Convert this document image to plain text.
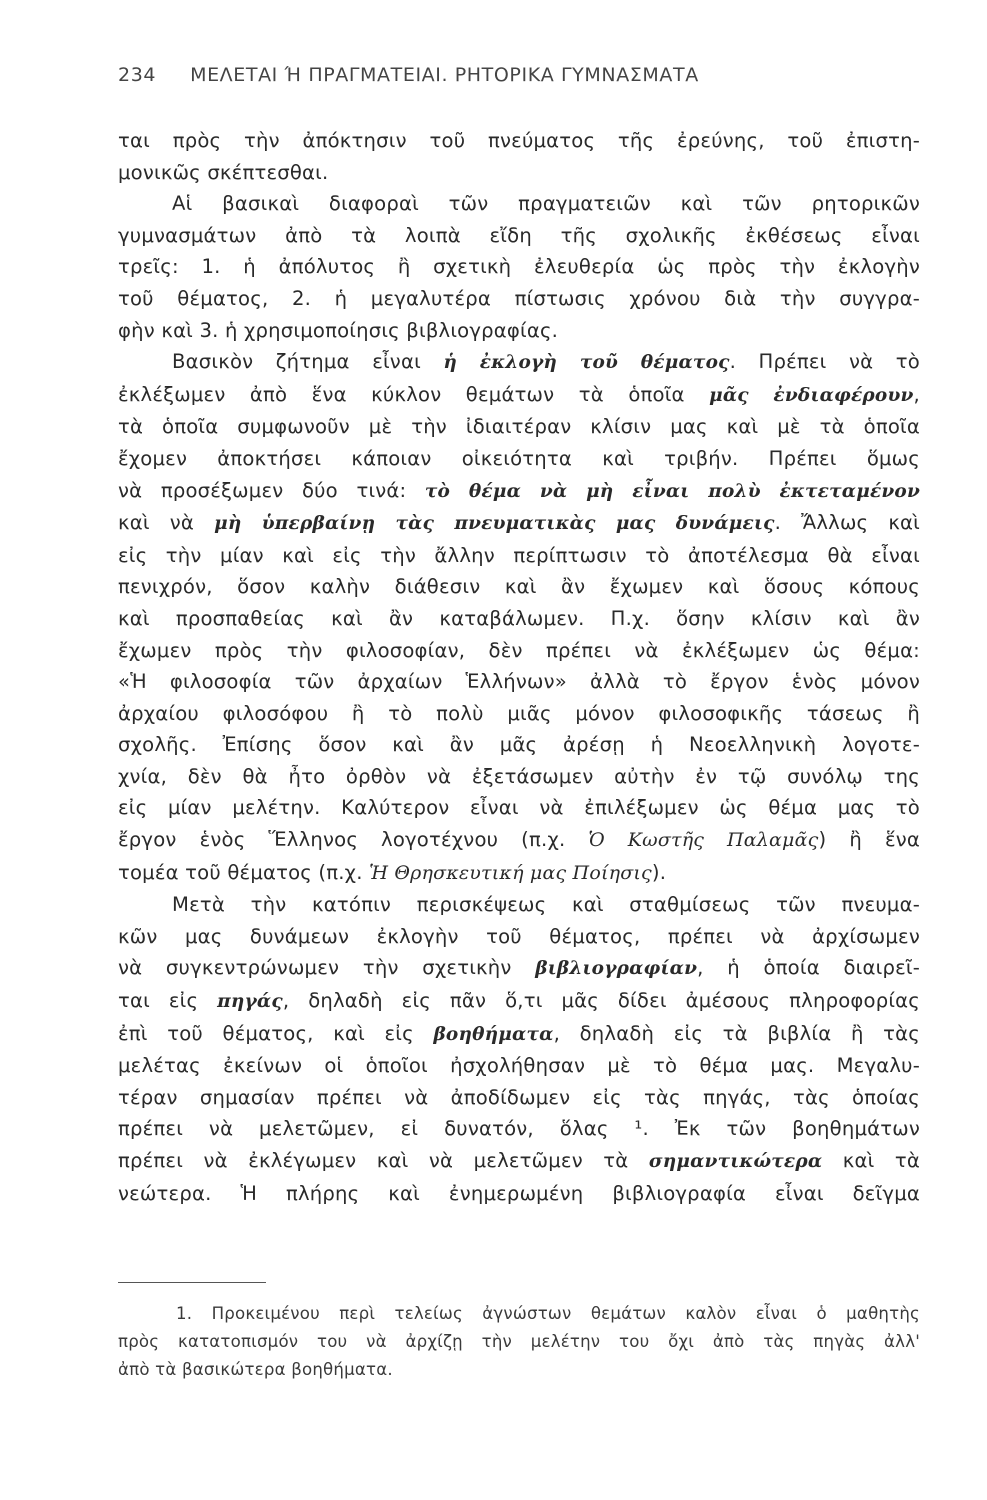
234 ΜΕΛΕΤΑΙ Ή ΠΡΑΓΜΑΤΕΙΑΙ. ΡΗΤΟΡΙΚΑ ΓΥΜΝΑΣΜΑΤΑ

ται πρὸς τὴν ἀπόκτησιν τοῦ πνεύματος τῆς ἐρεύνης, τοῦ ἐπιστη-
μονικῶς σκέπτεσθαι.

Αἱ βασικαὶ διαφοραὶ τῶν πραγματειῶν καὶ τῶν ρητορικῶν
γυμνασμάτων ἀπὸ τὰ λοιπὰ εἴδη τῆς σχολικῆς ἐκθέσεως εἶναι
τρεῖς: 1. ἡ ἀπόλυτος ἢ σχετικὴ ἐλευθερία ὡς πρὸς τὴν ἐκλογὴν
τοῦ θέματος, 2. ἡ μεγαλυτέρα πίστωσις χρόνου διὰ τὴν συγγρα-
φὴν καὶ 3. ἡ χρησιμοποίησις βιβλιογραφίας.

Βασικὸν ζήτημα εἶναι ἡ ἐκλογὴ τοῦ θέματος. Πρέπει νὰ τὸ
ἐκλέξωμεν ἀπὸ ἕνα κύκλον θεμάτων τὰ ὁποῖα μᾶς ἐνδιαφέρουν,
τὰ ὁποῖα συμφωνοῦν μὲ τὴν ἰδιαιτέραν κλίσιν μας καὶ μὲ τὰ ὁποῖα
ἔχομεν ἀποκτήσει κάποιαν οἰκειότητα καὶ τριβήν. Πρέπει ὅμως
νὰ προσέξωμεν δύο τινά: τὸ θέμα νὰ μὴ εἶναι πολὺ ἐκτεταμένον
καὶ νὰ μὴ ὑπερβαίνῃ τὰς πνευματικὰς μας δυνάμεις. Ἄλλως καὶ
εἰς τὴν μίαν καὶ εἰς τὴν ἄλλην περίπτωσιν τὸ ἀποτέλεσμα θὰ εἶναι
πενιχρόν, ὅσον καλὴν διάθεσιν καὶ ἂν ἔχωμεν καὶ ὅσους κόπους
καὶ προσπαθείας καὶ ἂν καταβάλωμεν. Π.χ. ὅσην κλίσιν καὶ ἂν
ἔχωμεν πρὸς τὴν φιλοσοφίαν, δὲν πρέπει νὰ ἐκλέξωμεν ὡς θέμα:
«Ἡ φιλοσοφία τῶν ἀρχαίων Ἑλλήνων» ἀλλὰ τὸ ἔργον ἑνὸς μόνον
ἀρχαίου φιλοσόφου ἢ τὸ πολὺ μιᾶς μόνον φιλοσοφικῆς τάσεως ἢ
σχολῆς. Ἐπίσης ὅσον καὶ ἂν μᾶς ἀρέσῃ ἡ Νεοελληνικὴ λογοτε-
χνία, δὲν θὰ ἦτο ὀρθὸν νὰ ἐξετάσωμεν αὐτὴν ἐν τῷ συνόλῳ της
εἰς μίαν μελέτην. Καλύτερον εἶναι νὰ ἐπιλέξωμεν ὡς θέμα μας τὸ
ἔργον ἑνὸς Ἕλληνος λογοτέχνου (π.χ. Ὁ Κωστῆς Παλαμᾶς) ἢ ἕνα
τομέα τοῦ θέματος (π.χ. Ἡ Θρησκευτική μας Ποίησις).

Μετὰ τὴν κατόπιν περισκέψεως καὶ σταθμίσεως τῶν πνευμα-
κῶν μας δυνάμεων ἐκλογὴν τοῦ θέματος, πρέπει νὰ ἀρχίσωμεν
νὰ συγκεντρώνωμεν τὴν σχετικὴν βιβλιογραφίαν, ἡ ὁποία διαιρεῖ-
ται εἰς πηγάς, δηλαδὴ εἰς πᾶν ὅ,τι μᾶς δίδει ἀμέσους πληροφορίας
ἐπὶ τοῦ θέματος, καὶ εἰς βοηθήματα, δηλαδὴ εἰς τὰ βιβλία ἢ τὰς
μελέτας ἐκείνων οἱ ὁποῖοι ἠσχολήθησαν μὲ τὸ θέμα μας. Μεγαλυ-
τέραν σημασίαν πρέπει νὰ ἀποδίδωμεν εἰς τὰς πηγάς, τὰς ὁποίας
πρέπει νὰ μελετῶμεν, εἰ δυνατόν, ὅλας ¹. Ἐκ τῶν βοηθημάτων
πρέπει νὰ ἐκλέγωμεν καὶ νὰ μελετῶμεν τὰ σημαντικώτερα καὶ τὰ
νεώτερα. Ἡ πλήρης καὶ ἐνημερωμένη βιβλιογραφία εἶναι δεῖγμα

1. Προκειμένου περὶ τελείως ἀγνώστων θεμάτων καλὸν εἶναι ὁ μαθητὴς
πρὸς κατατοπισμόν του νὰ ἀρχίζῃ τὴν μελέτην του ὄχι ἀπὸ τὰς πηγὰς ἀλλ'
ἀπὸ τὰ βασικώτερα βοηθήματα.
